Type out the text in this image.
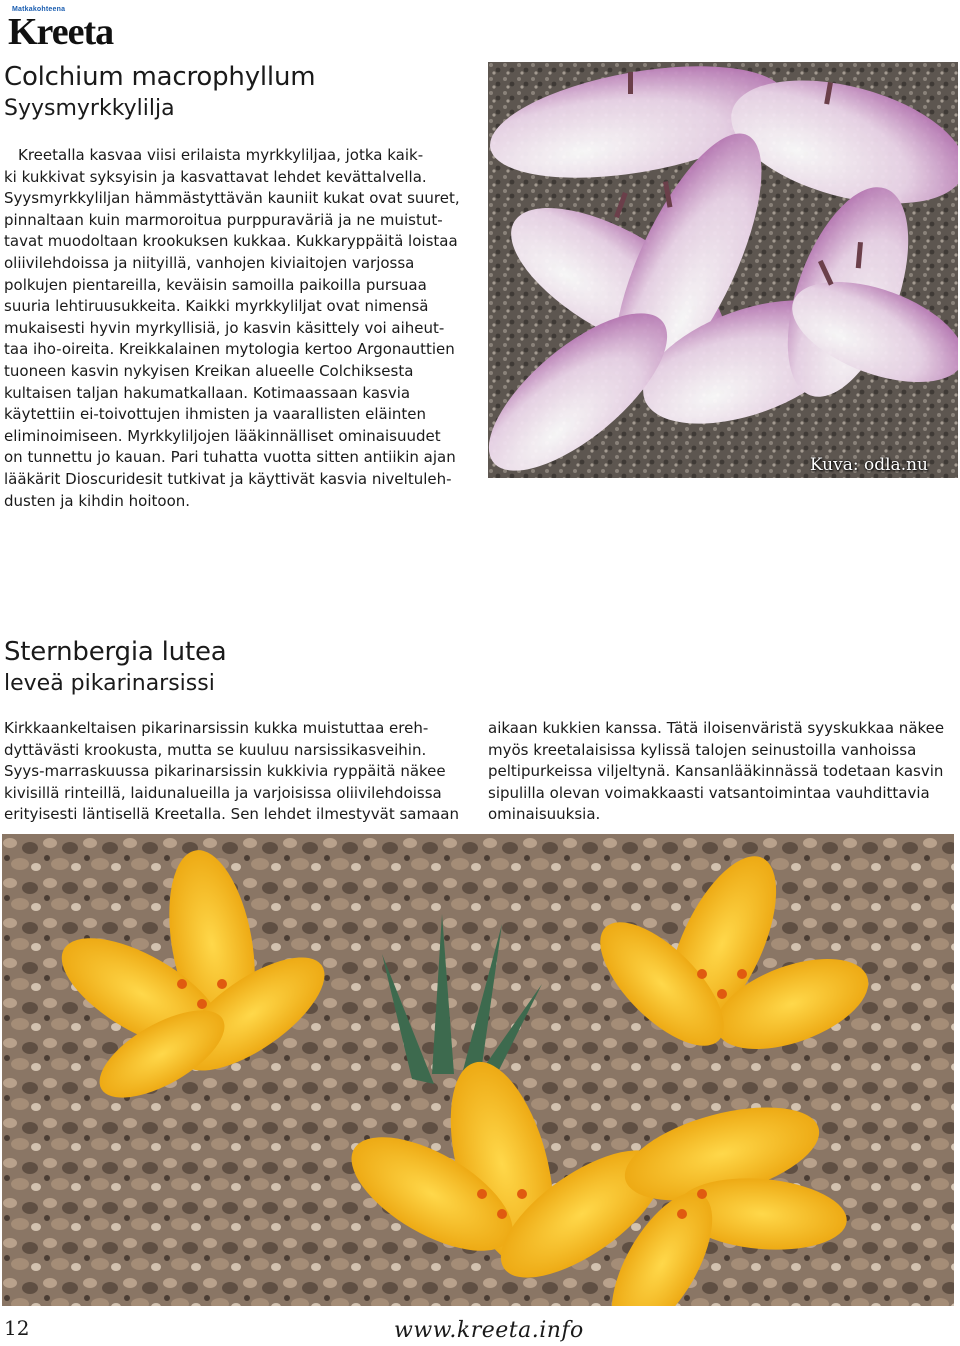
Matkakohteena
Kreeta
Colchium macrophyllum
Syysmyrkkylilja
Kreetalla kasvaa viisi erilaista myrkkyliljaa, jotka kaik-
ki kukkivat syksyisin ja kasvattavat lehdet kevättalvella.
Syysmyrkkyliljan hämmästyttävän kauniit kukat ovat suuret,
pinnaltaan kuin marmoroitua purppuraväriä ja ne muistut-
tavat muodoltaan krookuksen kukkaa. Kukkaryppäitä loistaa
oliivilehdoissa ja niityillä, vanhojen kiviaitojen varjossa
polkujen pientareilla, keväisin samoilla paikoilla pursuaa
suuria lehtiruusukkeita. Kaikki myrkkyliljat ovat nimensä
mukaisesti hyvin myrkyllisiä, jo kasvin käsittely voi aiheut-
taa iho-oireita. Kreikkalainen mytologia kertoo Argonauttien
tuoneen kasvin nykyisen Kreikan alueelle Colchiksesta
kultaisen taljan hakumatkallaan. Kotimaassaan kasvia
käytettiin ei-toivottujen ihmisten ja vaarallisten eläinten
eliminoimiseen. Myrkkyliljojen lääkinnälliset ominaisuudet
on tunnettu jo kauan. Pari tuhatta vuotta sitten antiikin ajan
lääkärit Dioscuridesit tutkivat ja käyttivät kasvia niveltuleh-
dusten ja kihdin hoitoon.
Kuva: odla.nu
Sternbergia lutea
leveä pikarinarsissi
Kirkkaankeltaisen pikarinarsissin kukka muistuttaa ereh-
dyttävästi krookusta, mutta se kuuluu narsissikasveihin.
Syys-marraskuussa pikarinarsissin kukkivia ryppäitä näkee
kivisillä rinteillä, laidunalueilla ja varjoisissa oliivilehdoissa
erityisesti läntisellä Kreetalla. Sen lehdet ilmestyvät samaan
aikaan kukkien kanssa. Tätä iloisenväristä syyskukkaa näkee
myös kreetalaisissa kylissä talojen seinustoilla vanhoissa
peltipurkeissa viljeltynä. Kansanlääkinnässä todetaan kasvin
sipulilla olevan voimakkaasti vatsantoimintaa vauhdittavia
ominaisuuksia.
12	www.kreeta.info
